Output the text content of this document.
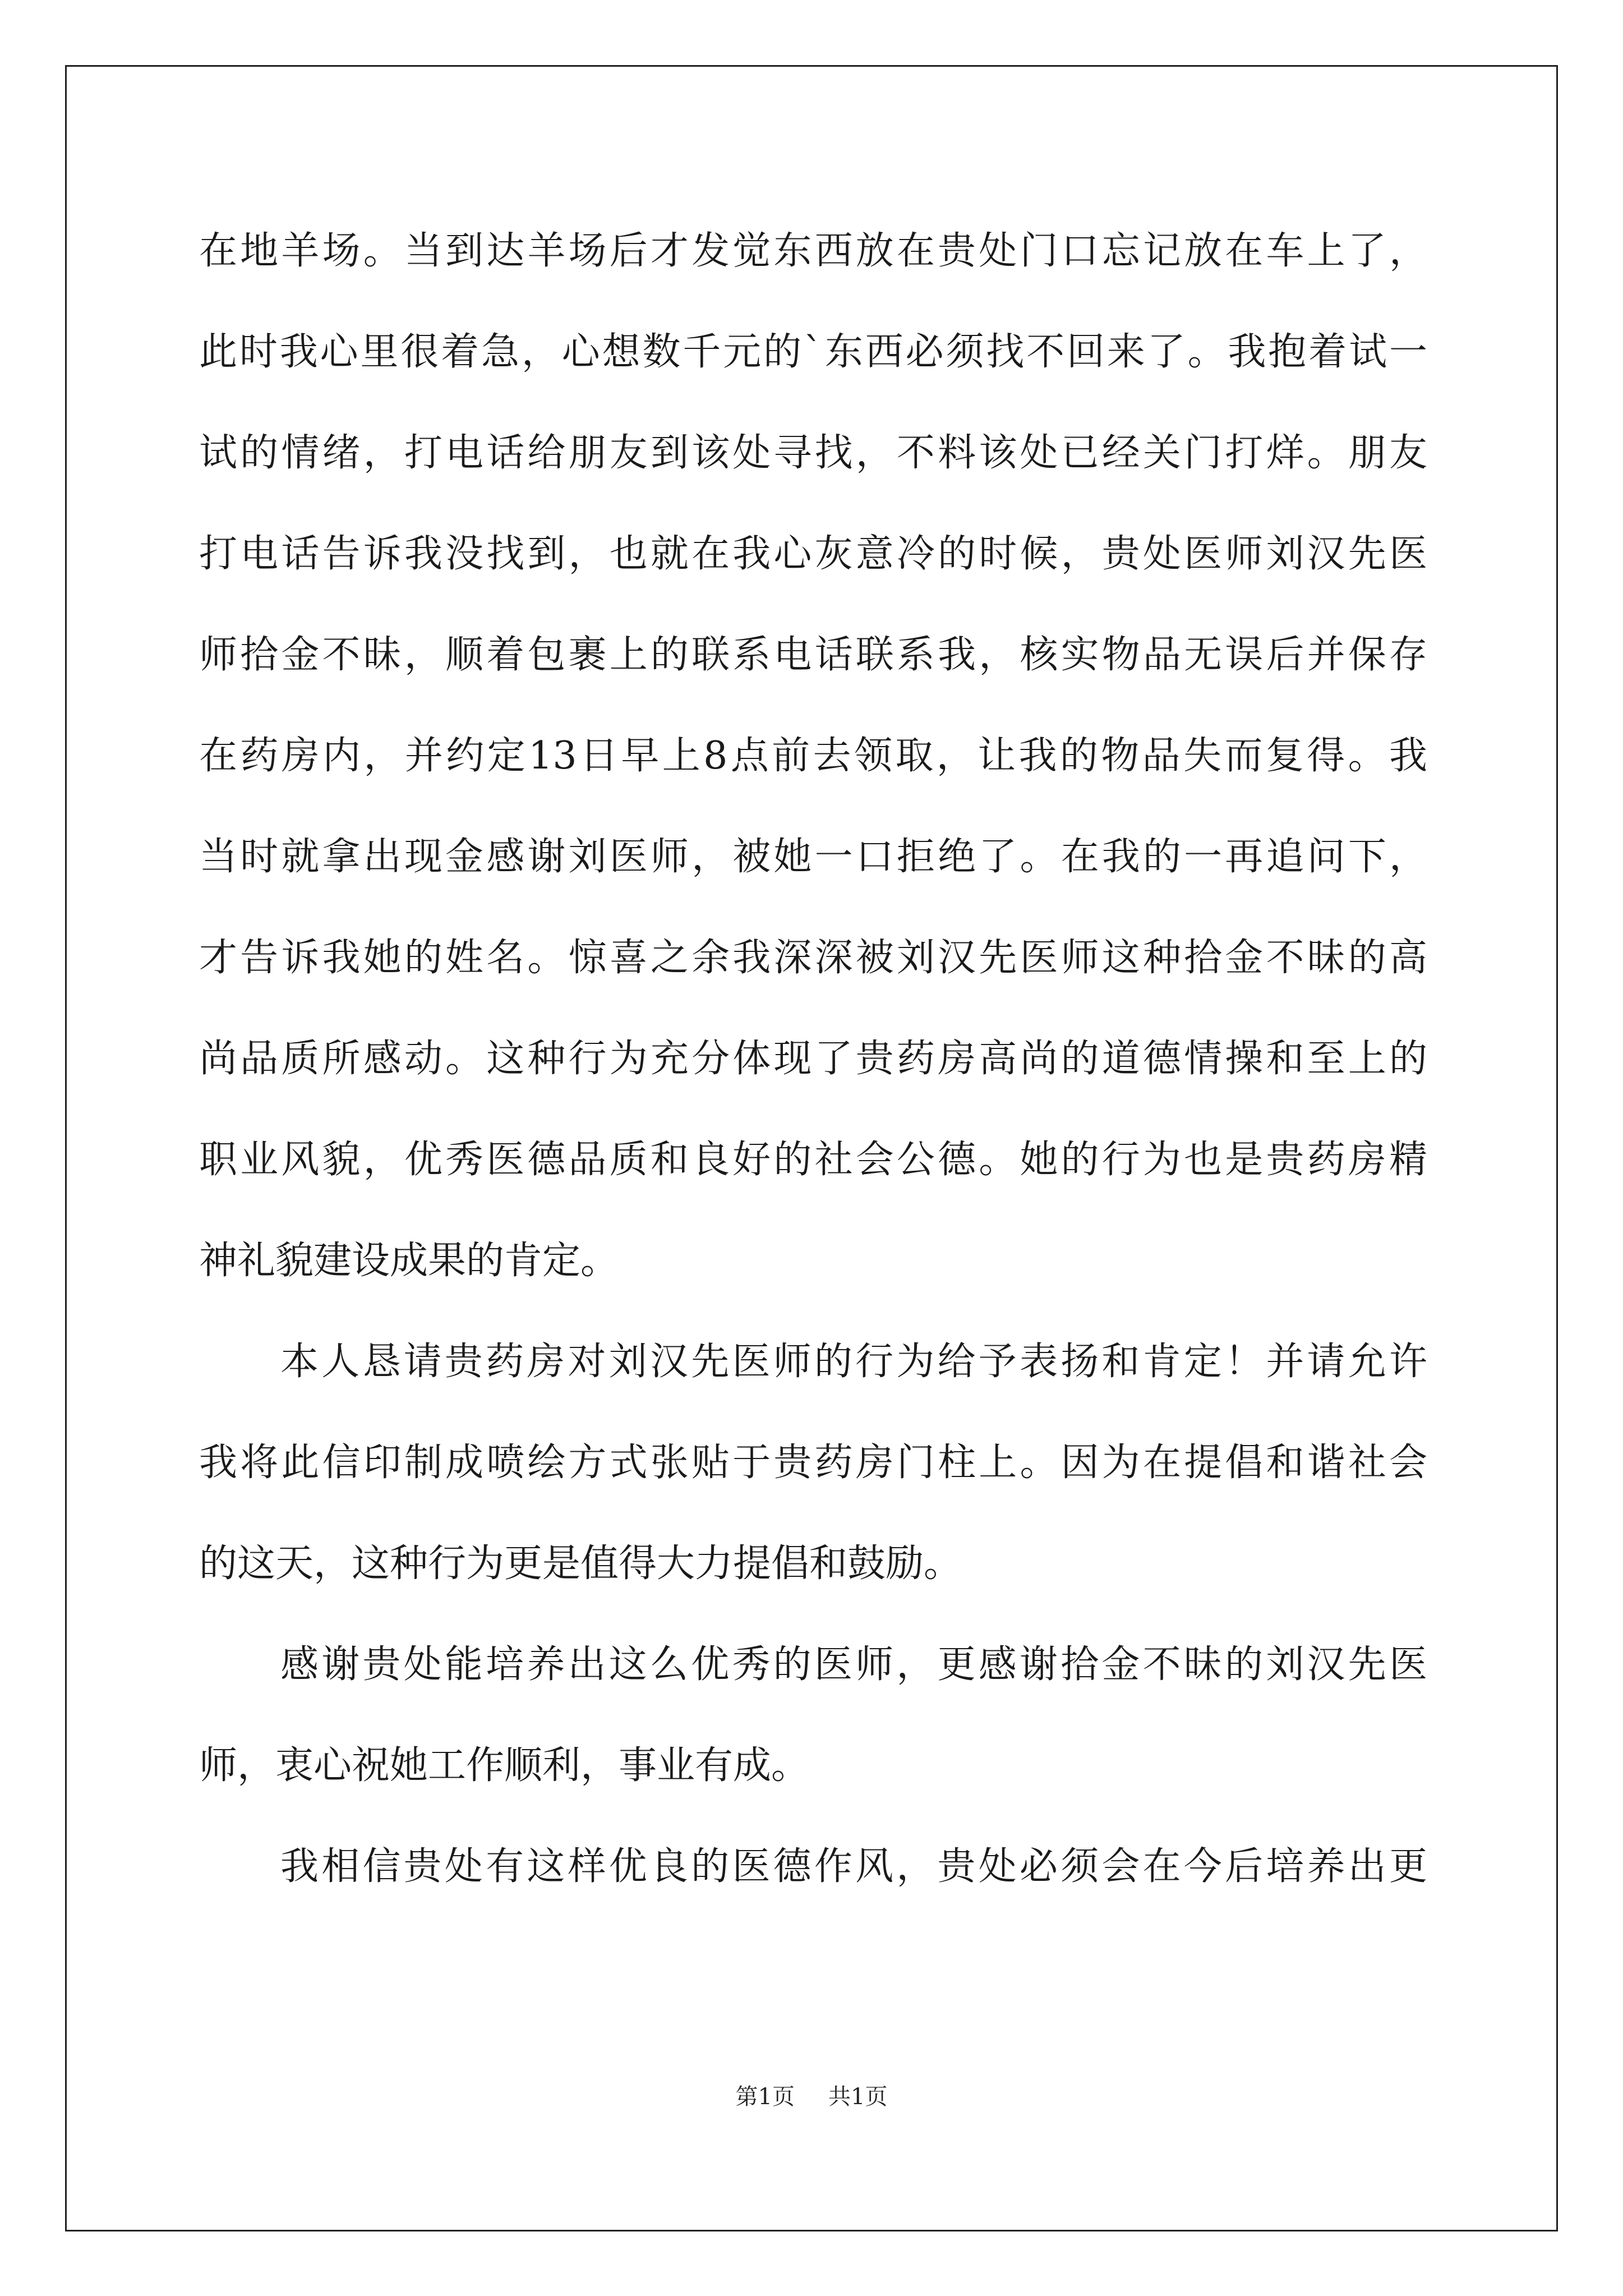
在地羊场。当到达羊场后才发觉东西放在贵处门口忘记放在车上了，
此时我心里很着急，心想数千元的`东西必须找不回来了。我抱着试一
试的情绪，打电话给朋友到该处寻找，不料该处已经关门打烊。朋友
打电话告诉我没找到，也就在我心灰意冷的时候，贵处医师刘汉先医
师拾金不昧，顺着包裹上的联系电话联系我，核实物品无误后并保存
在药房内，并约定13日早上8点前去领取，让我的物品失而复得。我
当时就拿出现金感谢刘医师，被她一口拒绝了。在我的一再追问下，
才告诉我她的姓名。惊喜之余我深深被刘汉先医师这种拾金不昧的高
尚品质所感动。这种行为充分体现了贵药房高尚的道德情操和至上的
职业风貌，优秀医德品质和良好的社会公德。她的行为也是贵药房精
神礼貌建设成果的肯定。
本人恳请贵药房对刘汉先医师的行为给予表扬和肯定！并请允许
我将此信印制成喷绘方式张贴于贵药房门柱上。因为在提倡和谐社会
的这天，这种行为更是值得大力提倡和鼓励。
感谢贵处能培养出这么优秀的医师，更感谢拾金不昧的刘汉先医
师，衷心祝她工作顺利，事业有成。
我相信贵处有这样优良的医德作风，贵处必须会在今后培养出更
第1页 共1页
